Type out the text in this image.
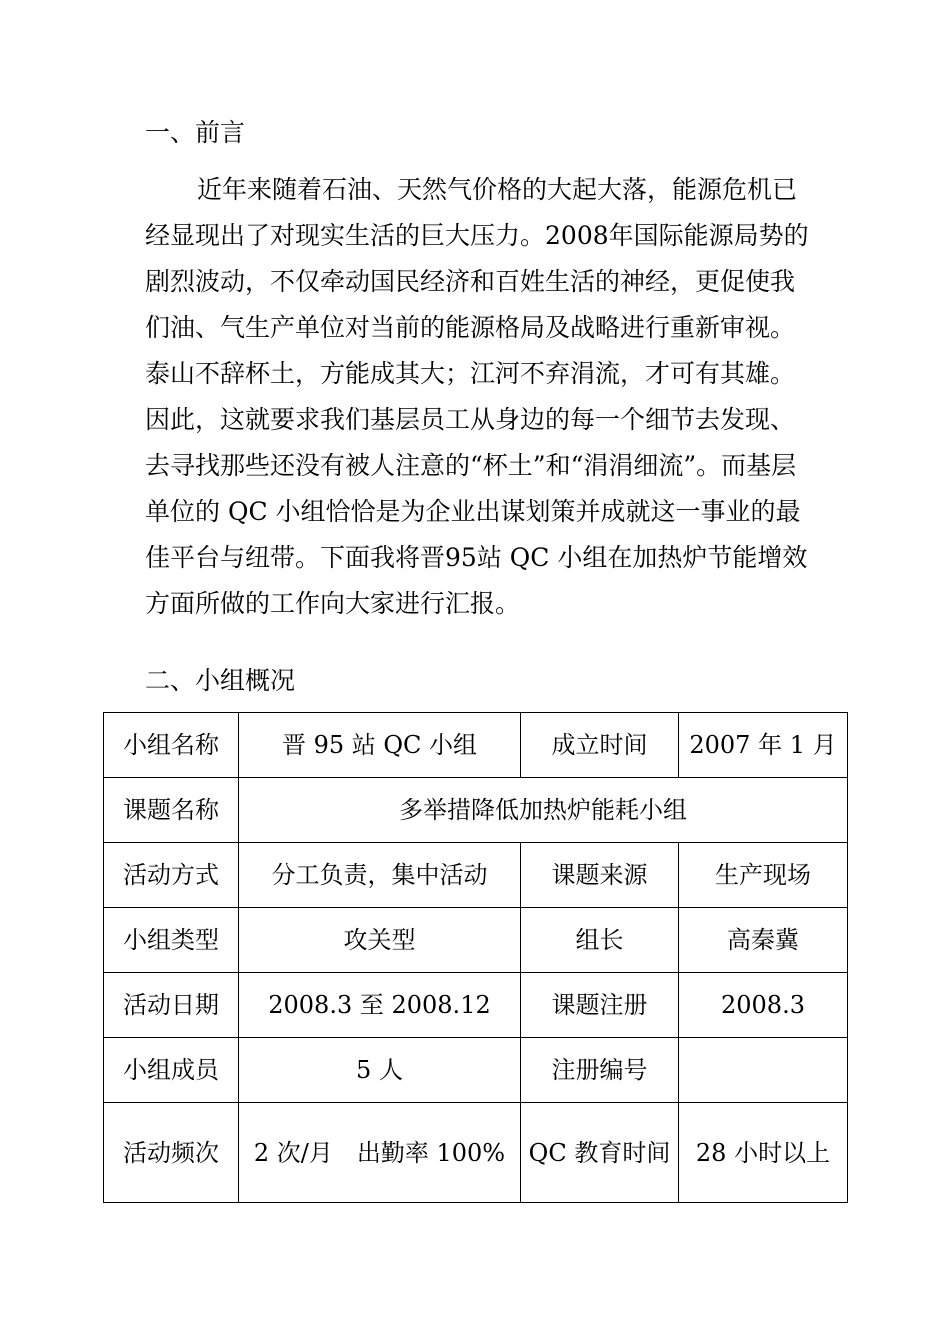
一、前言

近年来随着石油、天然气价格的大起大落，能源危机已
经显现出了对现实生活的巨大压力。2008年国际能源局势的
剧烈波动，不仅牵动国民经济和百姓生活的神经，更促使我
们油、气生产单位对当前的能源格局及战略进行重新审视。
泰山不辞杯土，方能成其大；江河不弃涓流，才可有其雄。
因此，这就要求我们基层员工从身边的每一个细节去发现、
去寻找那些还没有被人注意的“杯土”和“涓涓细流”。而基层
单位的 QC 小组恰恰是为企业出谋划策并成就这一事业的最
佳平台与纽带。下面我将晋95站 QC 小组在加热炉节能增效
方面所做的工作向大家进行汇报。

二、小组概况
小组名称	晋 95 站 QC 小组	成立时间	2007 年 1 月
课题名称	多举措降低加热炉能耗小组		
活动方式	分工负责，集中活动	课题来源	生产现场
小组类型	攻关型	组长	高秦冀
活动日期	2008.3 至 2008.12	课题注册	2008.3
小组成员	5 人	注册编号	
活动频次	2 次/月　出勤率 100%	QC 教育时间	28 小时以上
